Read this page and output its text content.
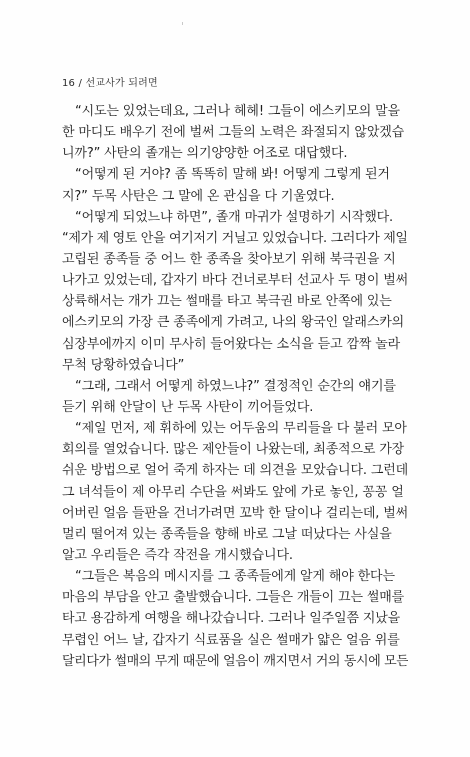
16 / 선교사가 되려면
“시도는 있었는데요, 그러나 헤헤! 그들이 에스키모의 말을
한 마디도 배우기 전에 벌써 그들의 노력은 좌절되지 않았겠습
니까?” 사탄의 졸개는 의기양양한 어조로 대답했다.
“어떻게 된 거야? 좀 똑똑히 말해 봐! 어떻게 그렇게 된거
지?” 두목 사탄은 그 말에 온 관심을 다 기울였다.
“어떻게 되었느냐 하면”, 졸개 마귀가 설명하기 시작했다.
“제가 제 영토 안을 여기저기 거닐고 있었습니다. 그러다가 제일
고립된 종족들 중 어느 한 종족을 찾아보기 위해 북극권을 지
나가고 있었는데, 갑자기 바다 건너로부터 선교사 두 명이 벌써
상륙해서는 개가 끄는 썰매를 타고 북극권 바로 안쪽에 있는
에스키모의 가장 큰 종족에게 가려고, 나의 왕국인 알래스카의
심장부에까지 이미 무사히 들어왔다는 소식을 듣고 깜짝 놀라
무척 당황하였습니다”
“그래, 그래서 어떻게 하였느냐?” 결정적인 순간의 얘기를
듣기 위해 안달이 난 두목 사탄이 끼어들었다.
“제일 먼저, 제 휘하에 있는 어두움의 무리들을 다 불러 모아
회의를 열었습니다. 많은 제안들이 나왔는데, 최종적으로 가장
쉬운 방법으로 얼어 죽게 하자는 데 의견을 모았습니다. 그런데
그 녀석들이 제 아무리 수단을 써봐도 앞에 가로 놓인, 꽁꽁 얼
어버린 얼음 들판을 건너가려면 꼬박 한 달이나 걸리는데, 벌써
멀리 떨어져 있는 종족들을 향해 바로 그날 떠났다는 사실을
알고 우리들은 즉각 작전을 개시했습니다.
“그들은 복음의 메시지를 그 종족들에게 알게 해야 한다는
마음의 부담을 안고 출발했습니다. 그들은 개들이 끄는 썰매를
타고 용감하게 여행을 해나갔습니다. 그러나 일주일쯤 지났을
무렵인 어느 날, 갑자기 식료품을 실은 썰매가 얇은 얼음 위를
달리다가 썰매의 무게 때문에 얼음이 깨지면서 거의 동시에 모든
